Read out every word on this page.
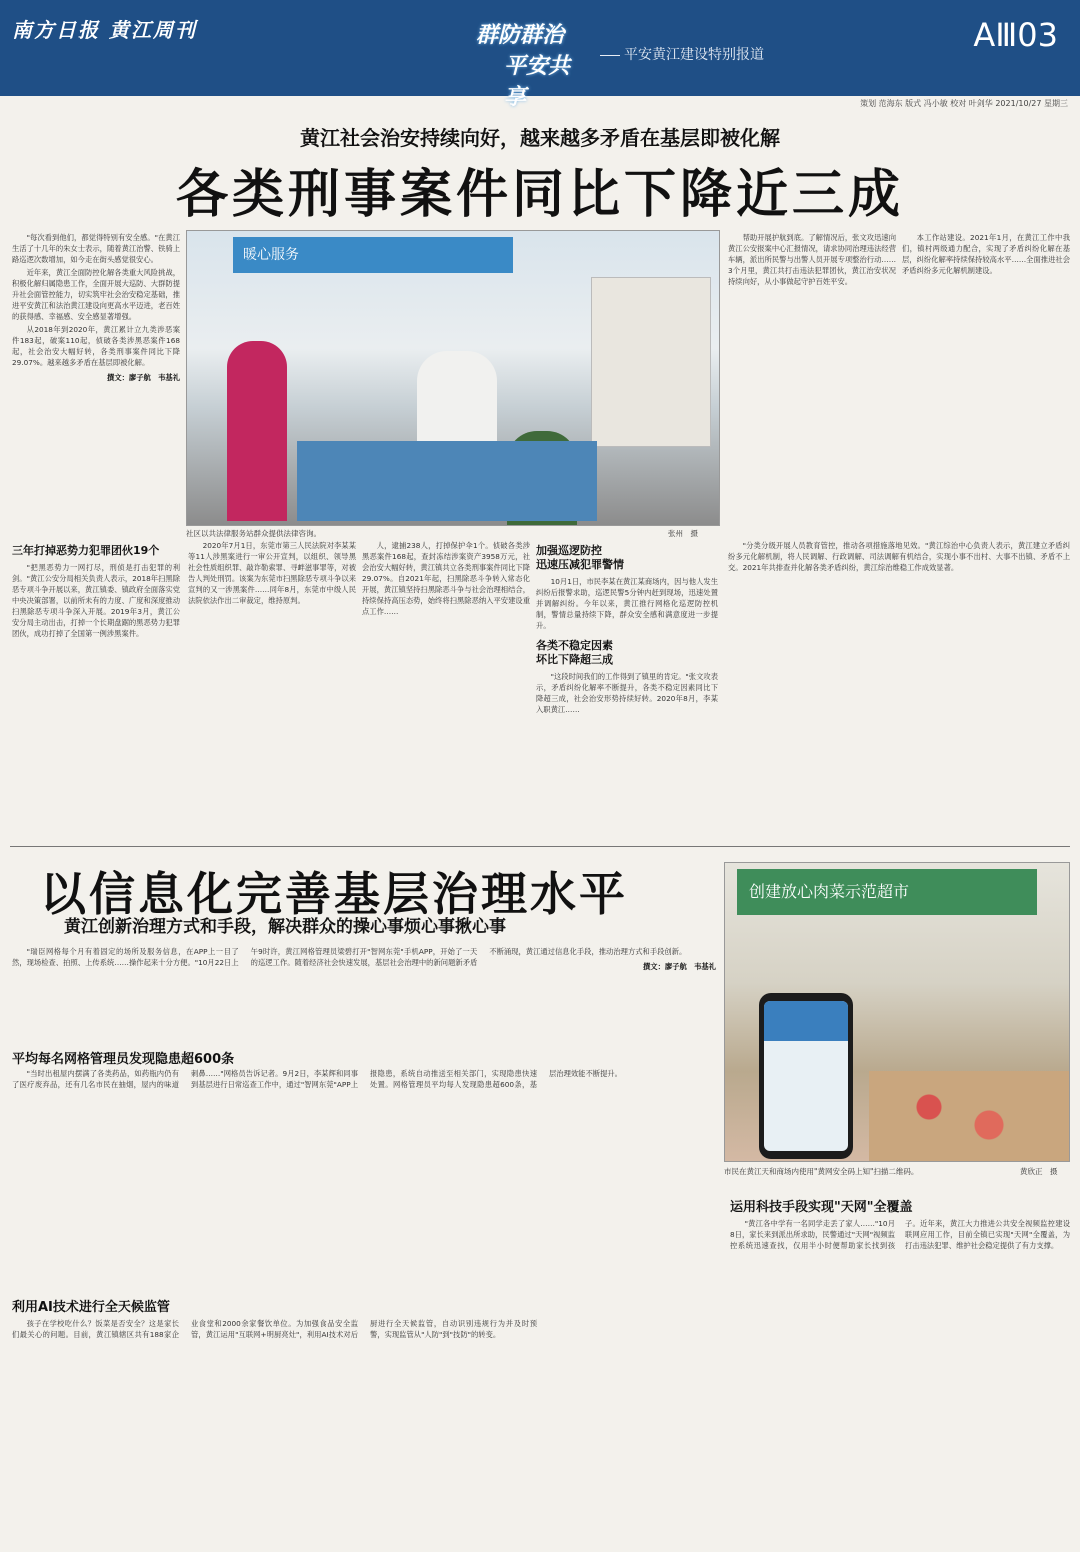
南方日报 黄江周刊	群防群治
平安共享
平安黄江建设特别报道
AⅢ03
策划 范海东 版式 冯小敏 校对 叶剑华 2021/10/27 星期三
黄江社会治安持续向好，越来越多矛盾在基层即被化解
各类刑事案件同比下降近三成

"每次看到他们，都觉得特别有安全感。"在黄江生活了十几年的朱女士表示，随着黄江治警、铁骑上路巡逻次数增加，如今走在街头感觉很安心。

近年来，黄江全面防控化解各类重大风险挑战，积极化解归属隐患工作，全面开展大巡防、大群防提升社会面管控能力，切实筑牢社会治安稳定基础，推进平安黄江和法治黄江建设向更高水平迈进，老百姓的获得感、幸福感、安全感显著增强。

从2018年到2020年，黄江累计立九类涉恶案件183起，破案110起，侦破各类涉黑恶案件168起，社会治安大幅好转，各类刑事案件同比下降29.07%。越来越多矛盾在基层即被化解。

撰文：廖子航　韦基礼
暖心服务
社区以共法律服务站群众提供法律咨询。	张州　摄

帮助开展护航到底。了解情况后，张文攻迅速向黄江公安报案中心汇报情况，请求协同治理违法经营车辆，派出所民警与出警人员开展专项整治行动……3个月里，黄江共打击违法犯罪团伙，黄江治安状况持续向好，从小事做起守护百姓平安。

本工作站建设。2021年1月，在黄江工作中我们，镇村两级通力配合，实现了矛盾纠纷化解在基层，纠纷化解率持续保持较高水平……全面推进社会矛盾纠纷多元化解机制建设。

三年打掉恶势力犯罪团伙19个

"把黑恶势力一网打尽，刑侦是打击犯罪的利剑。"黄江公安分局相关负责人表示，2018年扫黑除恶专项斗争开展以来，黄江镇委、镇政府全面落实党中央决策部署，以前所未有的力度、广度和深度推动扫黑除恶专项斗争深入开展。2019年3月，黄江公安分局主动出击，打掉一个长期盘踞的黑恶势力犯罪团伙，成功打掉了全国第一例涉黑案件。

2020年7月1日，东莞市第三人民法院对李某某等11人涉黑案进行一审公开宣判，以组织、领导黑社会性质组织罪、敲诈勒索罪、寻衅滋事罪等，对被告人判处刑罚。该案为东莞市扫黑除恶专项斗争以来宣判的又一涉黑案件……同年8月，东莞市中级人民法院依法作出二审裁定，维持原判。

人，逮捕238人，打掉保护伞1个。侦破各类涉黑恶案件168起，查封冻结涉案资产3958万元，社会治安大幅好转，黄江镇共立各类刑事案件同比下降29.07%。自2021年起，扫黑除恶斗争转入常态化开展，黄江镇坚持扫黑除恶斗争与社会治理相结合，持续保持高压态势，始终将扫黑除恶纳入平安建设重点工作……

加强巡逻防控
迅速压减犯罪警情

10月1日，市民李某在黄江某商场内，因与他人发生纠纷后报警求助，巡逻民警5分钟内赶到现场，迅速处置并调解纠纷。今年以来，黄江推行网格化巡逻防控机制，警情总量持续下降，群众安全感和满意度进一步提升。

各类不稳定因素
坏比下降超三成

"这段时间我们的工作得到了镇里的肯定。"张文攻表示，矛盾纠纷化解率不断提升，各类不稳定因素同比下降超三成，社会治安形势持续好转。2020年8月，李某入职黄江……

"分类分级开展人员教育管控，推动各项措施落地见效。"黄江综治中心负责人表示，黄江建立矛盾纠纷多元化解机制，将人民调解、行政调解、司法调解有机结合，实现小事不出村、大事不出镇、矛盾不上交。2021年共排查并化解各类矛盾纠纷，黄江综治维稳工作成效显著。

以信息化完善基层治理水平
黄江创新治理方式和手段，解决群众的操心事烦心事揪心事

"瑞臣网格每个月有着固定的场所及服务信息，在APP上一目了然，现场检查、拍照、上传系统……操作起来十分方便。"10月22日上午9时许，黄江网格管理员梁碧打开"智网东莞"手机APP，开始了一天的巡逻工作。随着经济社会快速发展，基层社会治理中的新问题新矛盾不断涌现，黄江通过信息化手段，推动治理方式和手段创新。

撰文：廖子航　韦基礼
创建放心肉菜示范超市
市民在黄江天和商场内使用"黄网安全码上知"扫描二维码。	黄欣正　摄
平均每名网格管理员发现隐患超600条

"当时出租屋内摆满了各类药品，如药瓶内仍有了医疗废弃品，还有几名市民在抽烟，屋内的味道刺鼻……"网格员告诉记者。9月2日，李某辉和同事到基层进行日常巡查工作中，通过"智网东莞"APP上报隐患，系统自动推送至相关部门，实现隐患快速处置。网格管理员平均每人发现隐患超600条，基层治理效能不断提升。

利用AI技术进行全天候监管

孩子在学校吃什么？饭菜是否安全？这是家长们最关心的问题。目前，黄江镇辖区共有188家企业食堂和2000余家餐饮单位。为加强食品安全监管，黄江运用"互联网+明厨亮灶"，利用AI技术对后厨进行全天候监管，自动识别违规行为并及时预警，实现监管从"人防"到"技防"的转变。

运用科技手段实现"天网"全覆盖

"黄江各中学有一名同学走丢了家人……"10月8日，家长来到派出所求助，民警通过"天网"视频监控系统迅速查找，仅用半小时便帮助家长找到孩子。近年来，黄江大力推进公共安全视频监控建设联网应用工作，目前全镇已实现"天网"全覆盖，为打击违法犯罪、维护社会稳定提供了有力支撑。
